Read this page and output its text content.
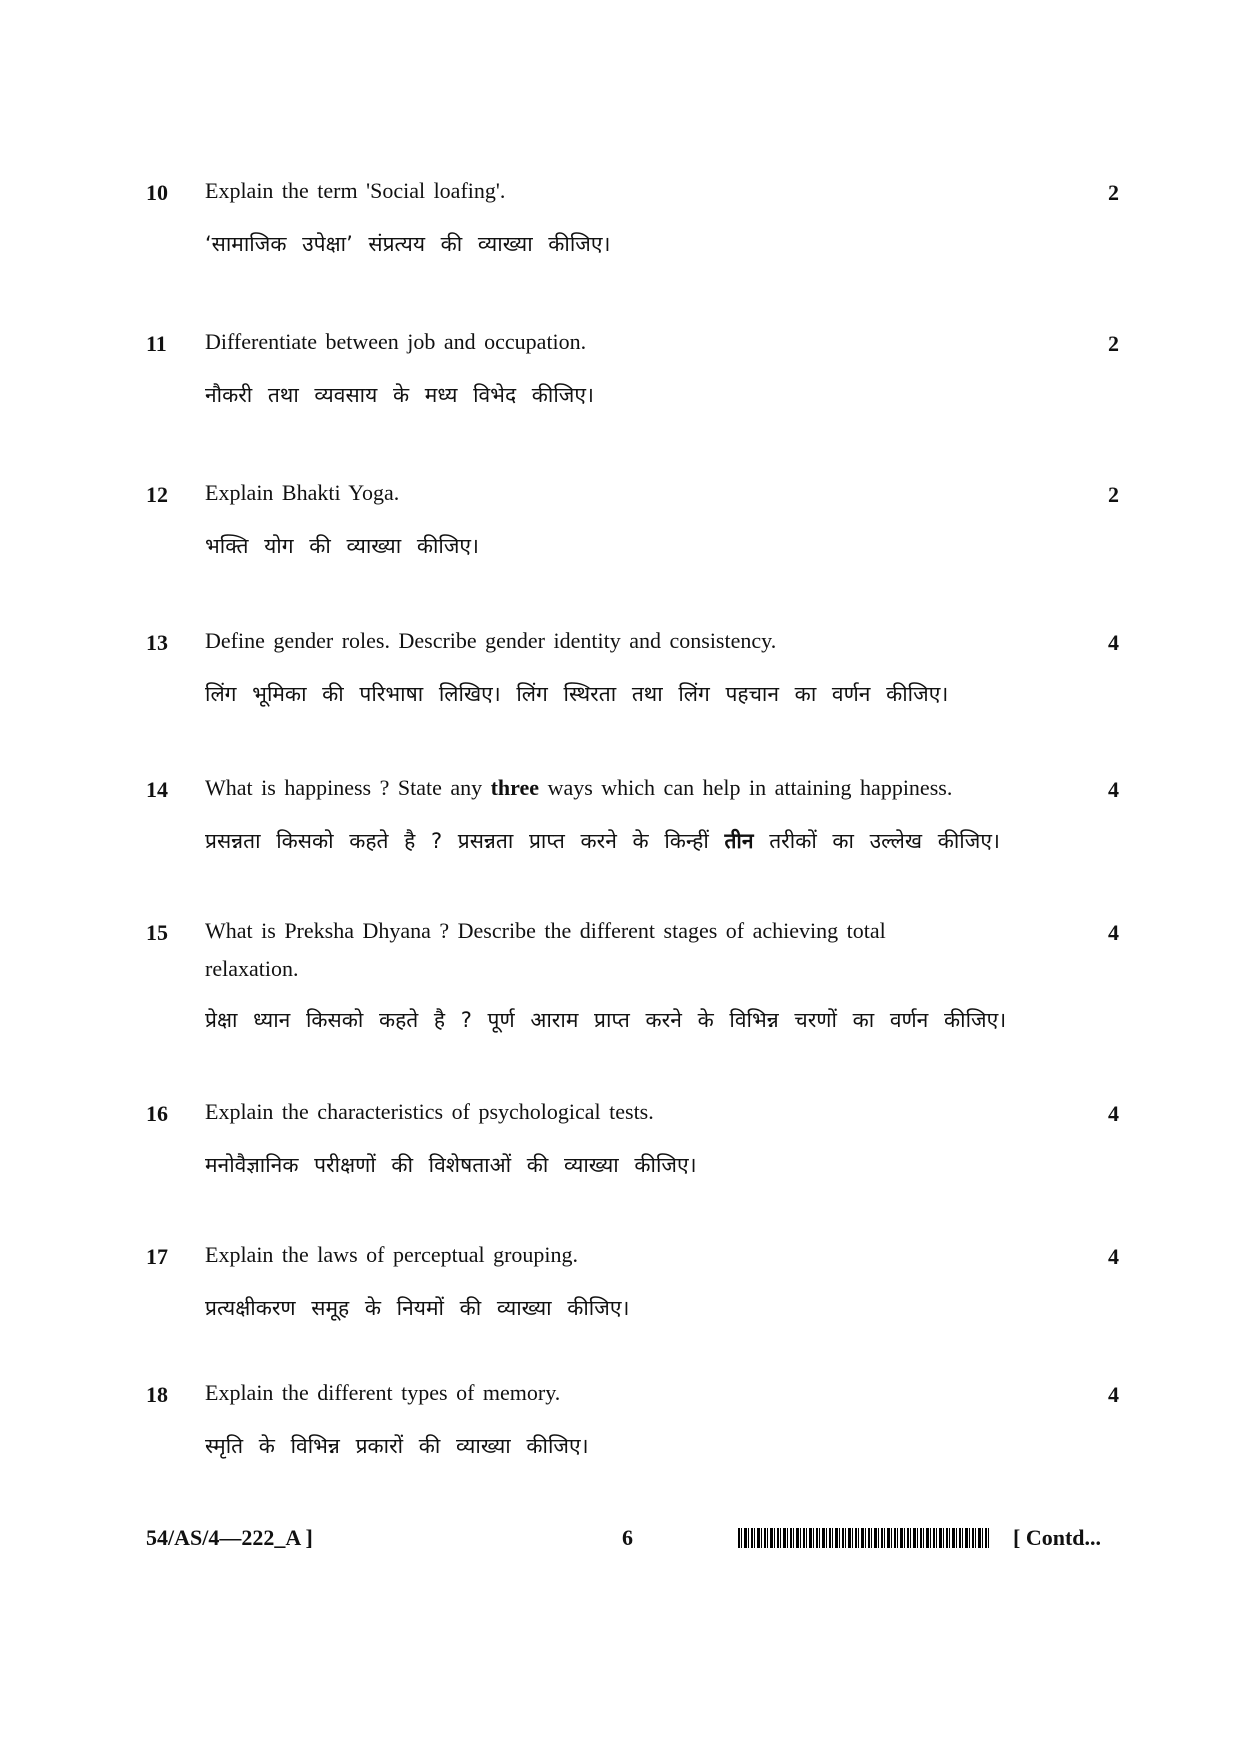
10 Explain the term 'Social loafing'.
‘सामाजिक उपेक्षा’ संप्रत्यय की व्याख्या कीजिए।
2
11 Differentiate between job and occupation.
नौकरी तथा व्यवसाय के मध्य विभेद कीजिए।
2
12 Explain Bhakti Yoga.
भक्ति योग की व्याख्या कीजिए।
2
13 Define gender roles. Describe gender identity and consistency.
लिंग भूमिका की परिभाषा लिखिए। लिंग स्थिरता तथा लिंग पहचान का वर्णन कीजिए।
4
14 What is happiness ? State any three ways which can help in attaining happiness.
प्रसन्नता किसको कहते है ? प्रसन्नता प्राप्त करने के किन्हीं तीन तरीकों का उल्लेख कीजिए।
4
15 What is Preksha Dhyana ? Describe the different stages of achieving total relaxation.
प्रेक्षा ध्यान किसको कहते है ? पूर्ण आराम प्राप्त करने के विभिन्न चरणों का वर्णन कीजिए।
4
16 Explain the characteristics of psychological tests.
मनोवैज्ञानिक परीक्षणों की विशेषताओं की व्याख्या कीजिए।
4
17 Explain the laws of perceptual grouping.
प्रत्यक्षीकरण समूह के नियमों की व्याख्या कीजिए।
4
18 Explain the different types of memory.
स्मृति के विभिन्न प्रकारों की व्याख्या कीजिए।
4
54/AS/4—222_A ]	6	[ Contd...
